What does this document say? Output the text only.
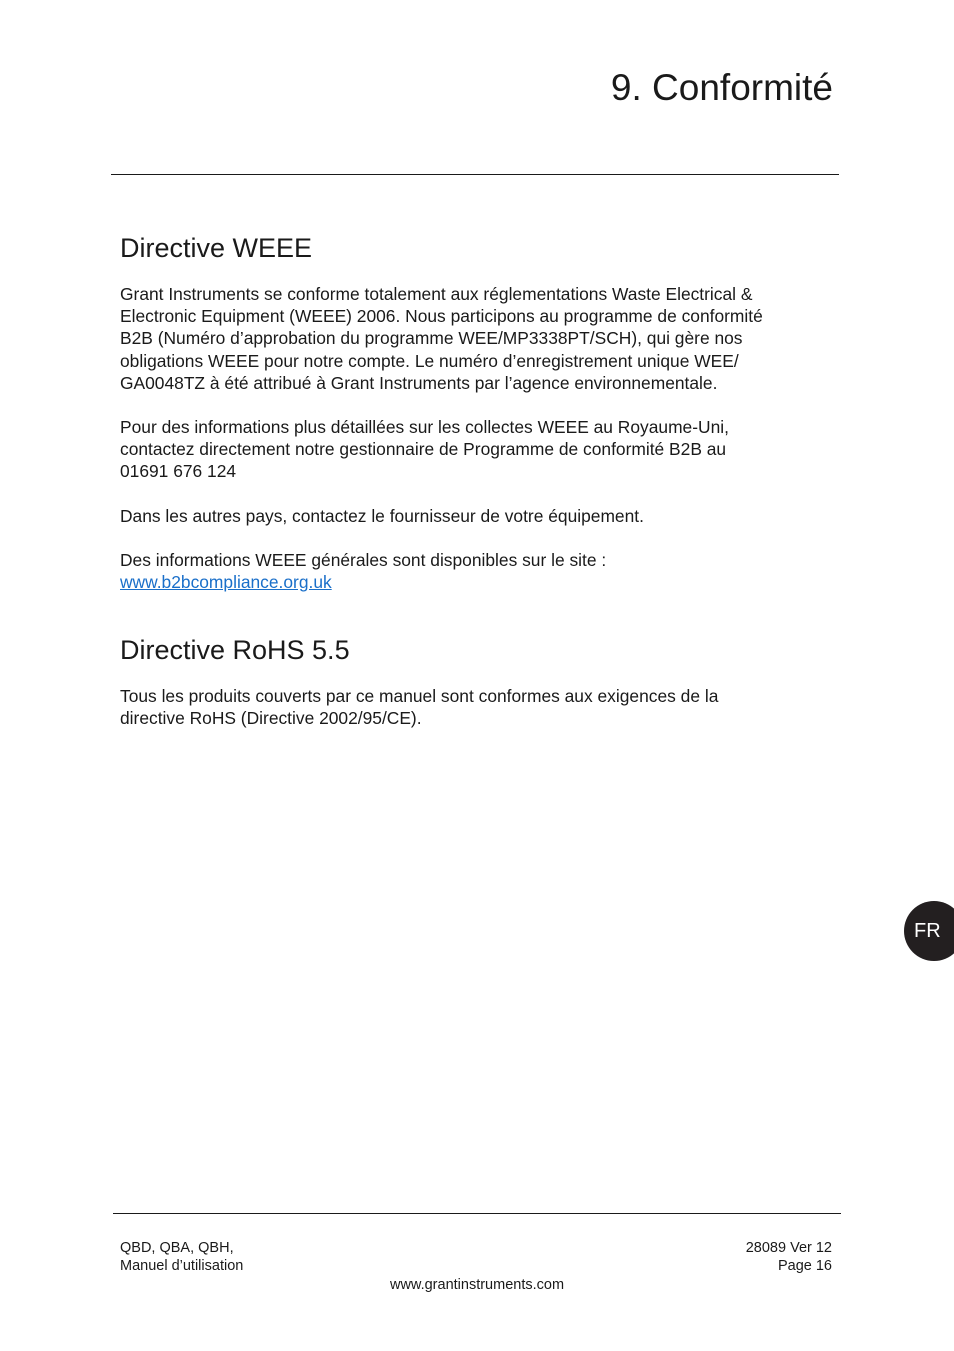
9. Conformité
Directive WEEE

Grant Instruments se conforme totalement aux réglementations Waste Electrical &
Electronic Equipment (WEEE) 2006. Nous participons au programme de conformité
B2B (Numéro d’approbation du programme WEE/MP3338PT/SCH), qui gère nos
obligations WEEE pour notre compte. Le numéro d’enregistrement unique WEE/
GA0048TZ à été attribué à Grant Instruments par l’agence environnementale.

Pour des informations plus détaillées sur les collectes WEEE au Royaume-Uni,
contactez directement notre gestionnaire de Programme de conformité B2B au
01691 676 124

Dans les autres pays, contactez le fournisseur de votre équipement.

Des informations WEEE générales sont disponibles sur le site :
www.b2bcompliance.org.uk

Directive RoHS 5.5

Tous les produits couverts par ce manuel sont conformes aux exigences de la
directive RoHS (Directive 2002/95/CE).

FR
QBD, QBA, QBH,
Manuel d’utilisation
28089 Ver 12
Page 16
www.grantinstruments.com
